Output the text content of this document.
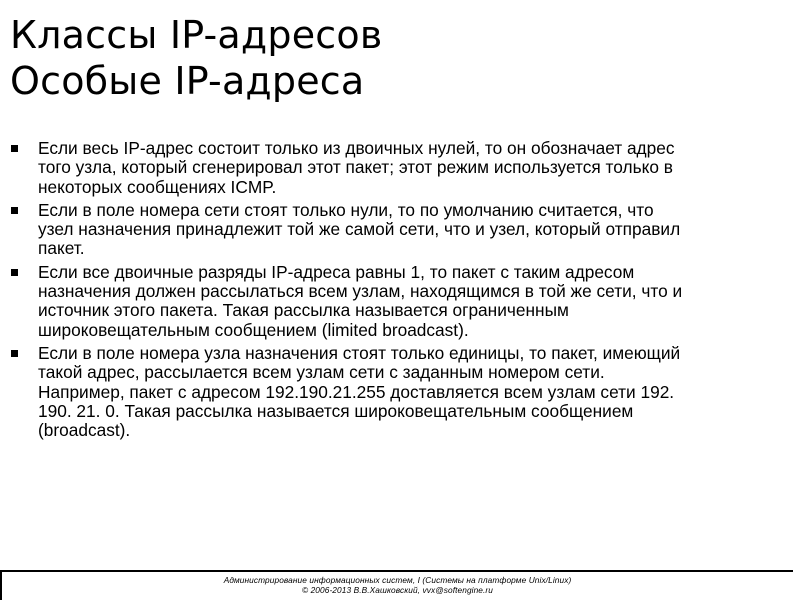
Классы IP-адресов
Особые IP-адреса
Если весь IP-адрес состоит только из двоичных нулей, то он обозначает адрес
того узла, который сгенерировал этот пакет; этот режим используется только в
некоторых сообщениях ICMP.
Если в поле номера сети стоят только нули, то по умолчанию считается, что
узел назначения принадлежит той же самой сети, что и узел, который отправил
пакет.
Если все двоичные разряды IP-адреса равны 1, то пакет с таким адресом
назначения должен рассылаться всем узлам, находящимся в той же сети, что и
источник этого пакета. Такая рассылка называется ограниченным
широковещательным сообщением (limited broadcast).
Если в поле номера узла назначения стоят только единицы, то пакет, имеющий
такой адрес, рассылается всем узлам сети с заданным номером сети.
Например, пакет с адресом 192.190.21.255 доставляется всем узлам сети 192.
190. 21. 0. Такая рассылка называется широковещательным сообщением
(broadcast).
Администрирование информационных систем, I (Системы на платформе Unix/Linux)
© 2006-2013 В.В.Хашковский, vvx@softengine.ru
